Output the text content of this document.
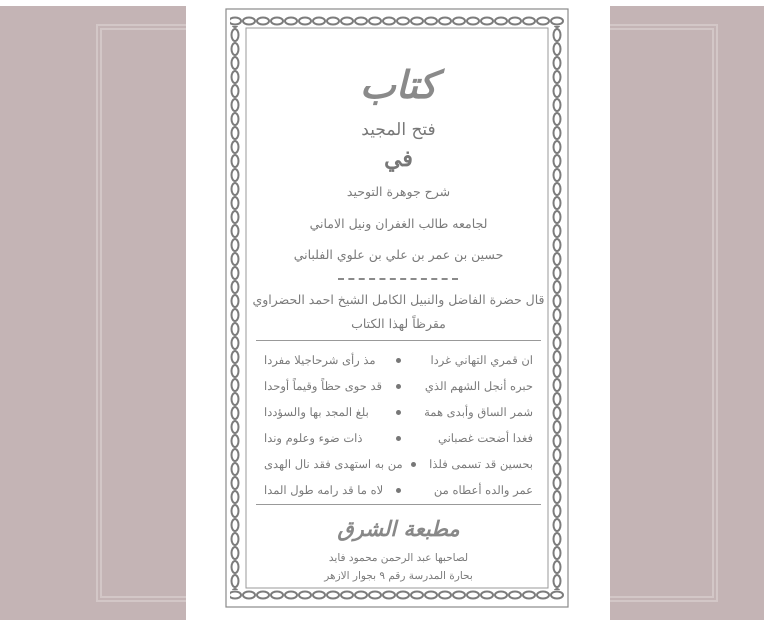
كتاب
فتح المجيد
في
شرح جوهرة التوحيد
لجامعه طالب الغفران ونيل الاماني
حسين بن عمر بن علي بن علوي الفلباني
قال حضرة الفاضل والنبيل الكامل الشيخ احمد الحضراوي
مقرظاً لهذا الكتاب
ان قمري التهاني غردا
مذ رأى شرحاجيلا مفردا
حبره أنجل الشهم الذي
قد حوى حظاً وقيماً أوحدا
شمر الساق وأبدى همة
بلغ المجد بها والسؤددا
فغدا أضحت غصباني
ذات ضوء وعلوم وندا
بحسين قد تسمى فلذا
من به استهدى فقد نال الهدى
عمر والده أعطاه من
لاه ما قد رامه طول المدا
مطبعة الشرق
لصاحبها عبد الرحمن محمود فايد
بحارة المدرسة رقم ٩ بجوار الازهر
